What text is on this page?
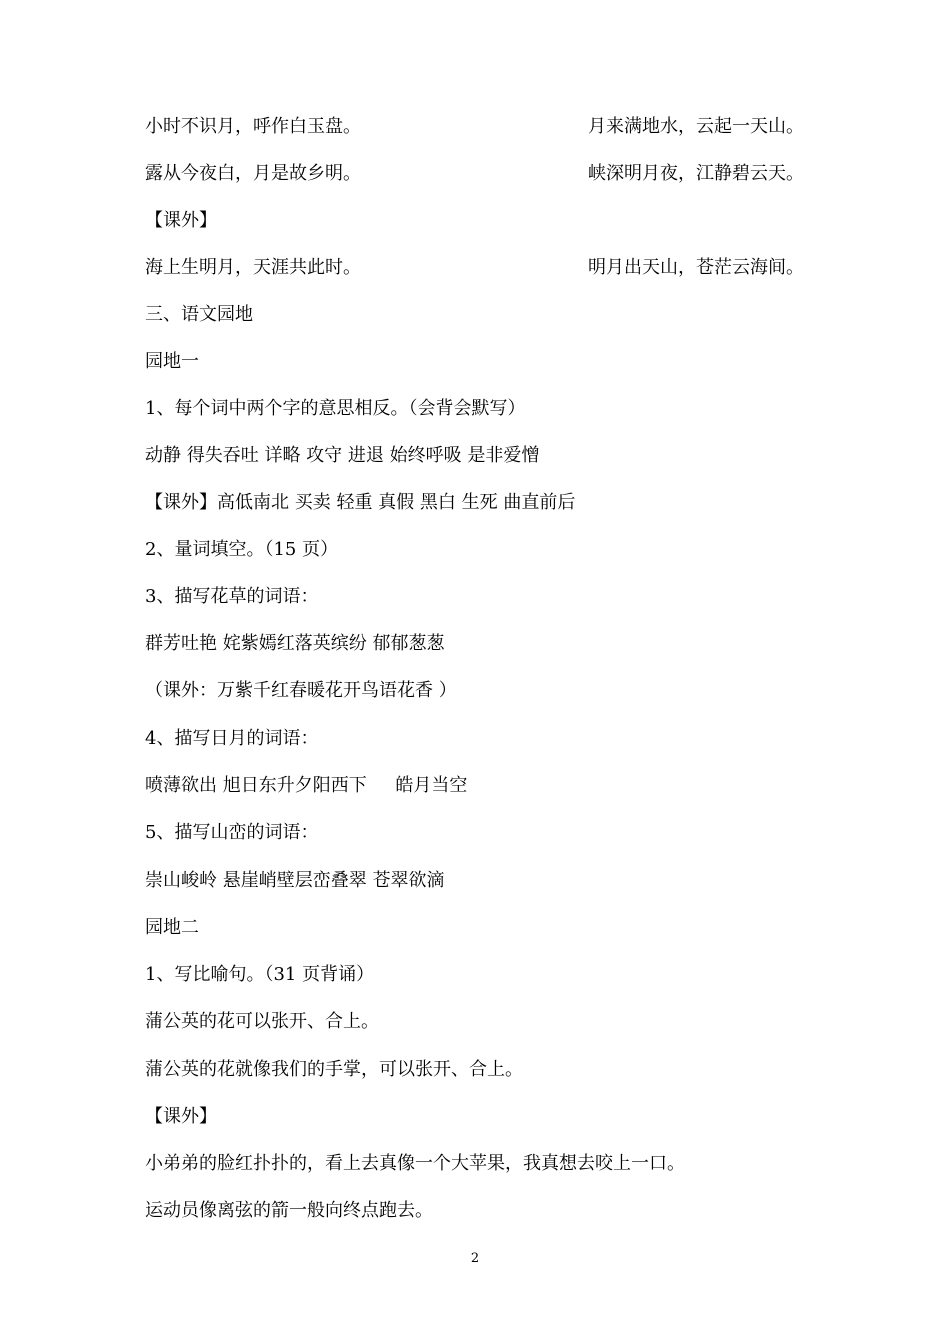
小时不识月，呼作白玉盘。	月来满地水，云起一天山。
露从今夜白，月是故乡明。	峡深明月夜，江静碧云天。
【课外】
海上生明月，天涯共此时。	明月出天山，苍茫云海间。
三、语文园地
园地一
1、每个词中两个字的意思相反。（会背会默写）
动静 得失吞吐 详略 攻守 进退 始终呼吸 是非爱憎
【课外】高低南北 买卖 轻重 真假 黑白 生死 曲直前后
2、量词填空。（15 页）
3、描写花草的词语：
群芳吐艳 姹紫嫣红落英缤纷 郁郁葱葱
（课外：万紫千红春暖花开鸟语花香 ）
4、描写日月的词语：
喷薄欲出 旭日东升夕阳西下     皓月当空
5、描写山峦的词语：
崇山峻岭 悬崖峭壁层峦叠翠 苍翠欲滴
园地二
1、写比喻句。（31 页背诵）
蒲公英的花可以张开、合上。
蒲公英的花就像我们的手掌，可以张开、合上。
【课外】
小弟弟的脸红扑扑的，看上去真像一个大苹果，我真想去咬上一口。
运动员像离弦的箭一般向终点跑去。
2
